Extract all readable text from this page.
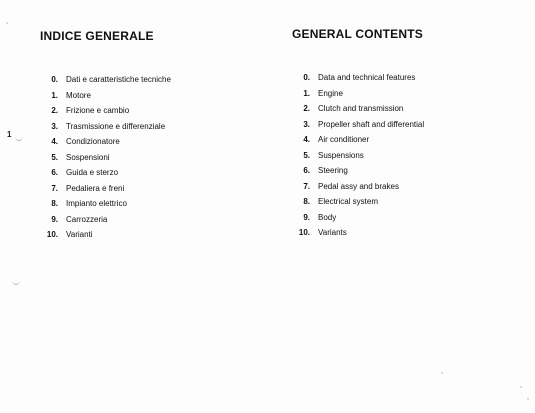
1
INDICE GENERALE
0. Dati e caratteristiche tecniche
1. Motore
2. Frizione e cambio
3. Trasmissione e differenziale
4. Condizionatore
5. Sospensioni
6. Guida e sterzo
7. Pedaliera e freni
8. Impianto elettrico
9. Carrozzeria
10. Varianti
GENERAL CONTENTS
0. Data and technical features
1. Engine
2. Clutch and transmission
3. Propeller shaft and differential
4. Air conditioner
5. Suspensions
6. Steering
7. Pedal assy and brakes
8. Electrical system
9. Body
10. Variants
